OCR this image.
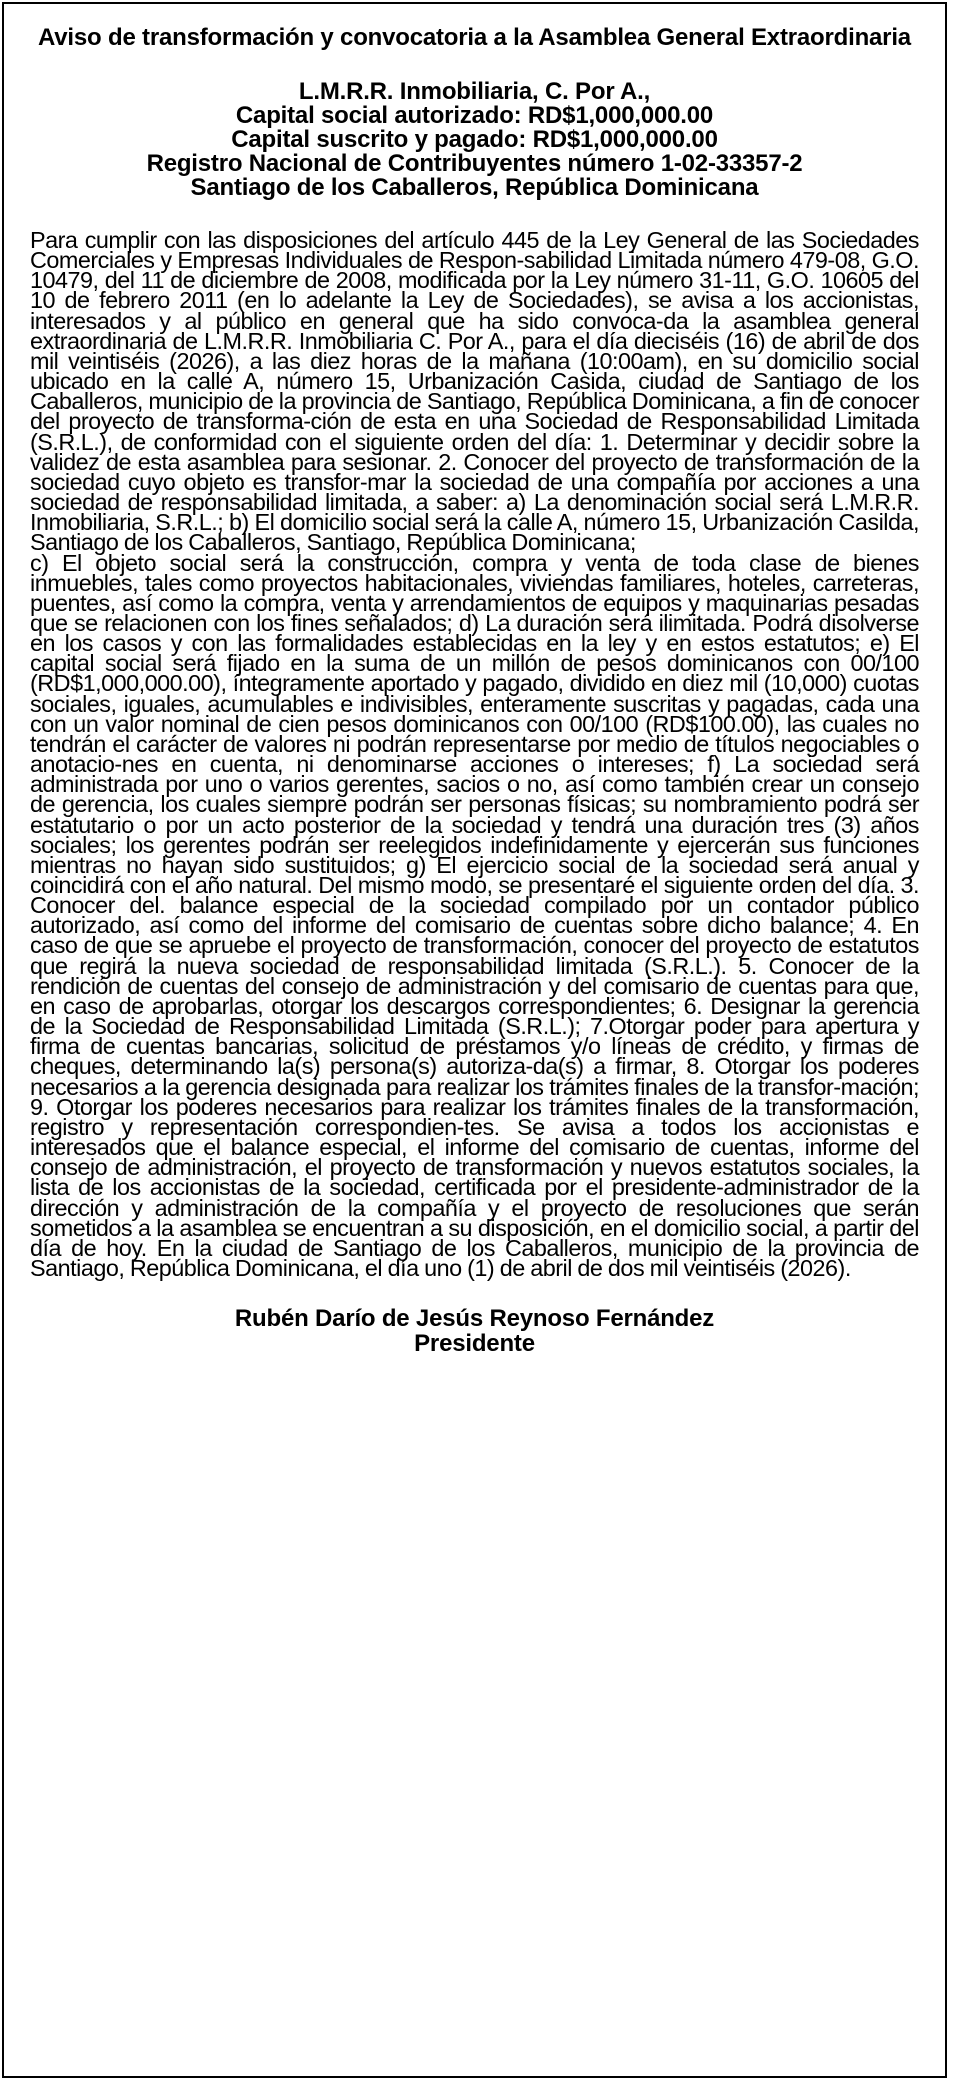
Aviso de transformación y convocatoria a la Asamblea General Extraordinaria
L.M.R.R. Inmobiliaria, C. Por A.,
Capital social autorizado: RD$1,000,000.00
Capital suscrito y pagado: RD$1,000,000.00
Registro Nacional de Contribuyentes número 1-02-33357-2
Santiago de los Caballeros, República Dominicana

Para cumplir con las disposiciones del artículo 445 de la Ley General de las Sociedades Comerciales y Empresas Individuales de Respon-sabilidad Limitada número 479-08, G.O. 10479, del 11 de diciembre de 2008, modificada por la Ley número 31-11, G.O. 10605 del 10 de febrero 2011 (en lo adelante la Ley de Sociedades), se avisa a los accionistas, interesados y al público en general que ha sido convoca-da la asamblea general extraordinaria de L.M.R.R. Inmobiliaria C. Por A., para el día dieciséis (16) de abril de dos mil veintiséis (2026), a las diez horas de la mañana (10:00am), en su domicilio social ubicado en la calle A, número 15, Urbanización Casida, ciudad de Santiago de los Caballeros, municipio de la provincia de Santiago, República Dominicana, a fin de conocer del proyecto de transforma-ción de esta en una Sociedad de Responsabilidad Limitada (S.R.L.), de conformidad con el siguiente orden del día: 1. Determinar y decidir sobre la validez de esta asamblea para sesionar. 2. Conocer del proyecto de transformación de la sociedad cuyo objeto es transfor-mar la sociedad de una compañía por acciones a una sociedad de responsabilidad limitada, a saber: a) La denominación social será L.M.R.R. Inmobiliaria, S.R.L.; b) El domicilio social será la calle A, número 15, Urbanización Casilda, Santiago de los Caballeros, Santiago, República Dominicana;

c) El objeto social será la construcción, compra y venta de toda clase de bienes inmuebles, tales como proyectos habitacionales, viviendas familiares, hoteles, carreteras, puentes, así como la compra, venta y arrendamientos de equipos y maquinarias pesadas que se relacionen con los fines señalados; d) La duración será ilimitada. Podrá disolverse en los casos y con las formalidades establecidas en la ley y en estos estatutos; e) El capital social será fijado en la suma de un millón de pesos dominicanos con 00/100 (RD$1,000,000.00), íntegramente aportado y pagado, dividido en diez mil (10,000) cuotas sociales, iguales, acumulables e indivisibles, enteramente suscritas y pagadas, cada una con un valor nominal de cien pesos dominicanos con 00/100 (RD$100.00), las cuales no tendrán el carácter de valores ni podrán representarse por medio de títulos negociables o anotacio-nes en cuenta, ni denominarse acciones o intereses; f) La sociedad será administrada por uno o varios gerentes, sacios o no, así como también crear un consejo de gerencia, los cuales siempre podrán ser personas físicas; su nombramiento podrá ser estatutario o por un acto posterior de la sociedad y tendrá una duración tres (3) años sociales; los gerentes podrán ser reelegidos indefinidamente y ejercerán sus funciones mientras no hayan sido sustituidos; g) El ejercicio social de la sociedad será anual y coincidirá con el año natural. Del mismo modo, se presentaré el siguiente orden del día. 3. Conocer del. balance especial de la sociedad compilado por un contador público autorizado, así como del informe del comisario de cuentas sobre dicho balance; 4. En caso de que se apruebe el proyecto de transformación, conocer del proyecto de estatutos que regirá la nueva sociedad de responsabilidad limitada (S.R.L.). 5. Conocer de la rendición de cuentas del consejo de administración y del comisario de cuentas para que, en caso de aprobarlas, otorgar los descargos correspondientes; 6. Designar la gerencia de la Sociedad de Responsabilidad Limitada (S.R.L.); 7.Otorgar poder para apertura y firma de cuentas bancarias, solicitud de préstamos y/o líneas de crédito, y firmas de cheques, determinando la(s) persona(s) autoriza-da(s) a firmar, 8. Otorgar los poderes necesarios a la gerencia designada para realizar los trámites finales de la transfor-mación; 9. Otorgar los poderes necesarios para realizar los trámites finales de la transformación, registro y representación correspondien-tes. Se avisa a todos los accionistas e interesados que el balance especial, el informe del comisario de cuentas, informe del consejo de administración, el proyecto de transformación y nuevos estatutos sociales, la lista de los accionistas de la sociedad, certificada por el presidente-administrador de la dirección y administración de la compañía y el proyecto de resoluciones que serán sometidos a la asamblea se encuentran a su disposición, en el domicilio social, a partir del día de hoy. En la ciudad de Santiago de los Caballeros, municipio de la provincia de Santiago, República Dominicana, el día uno (1) de abril de dos mil veintiséis (2026).

Rubén Darío de Jesús Reynoso Fernández
Presidente
